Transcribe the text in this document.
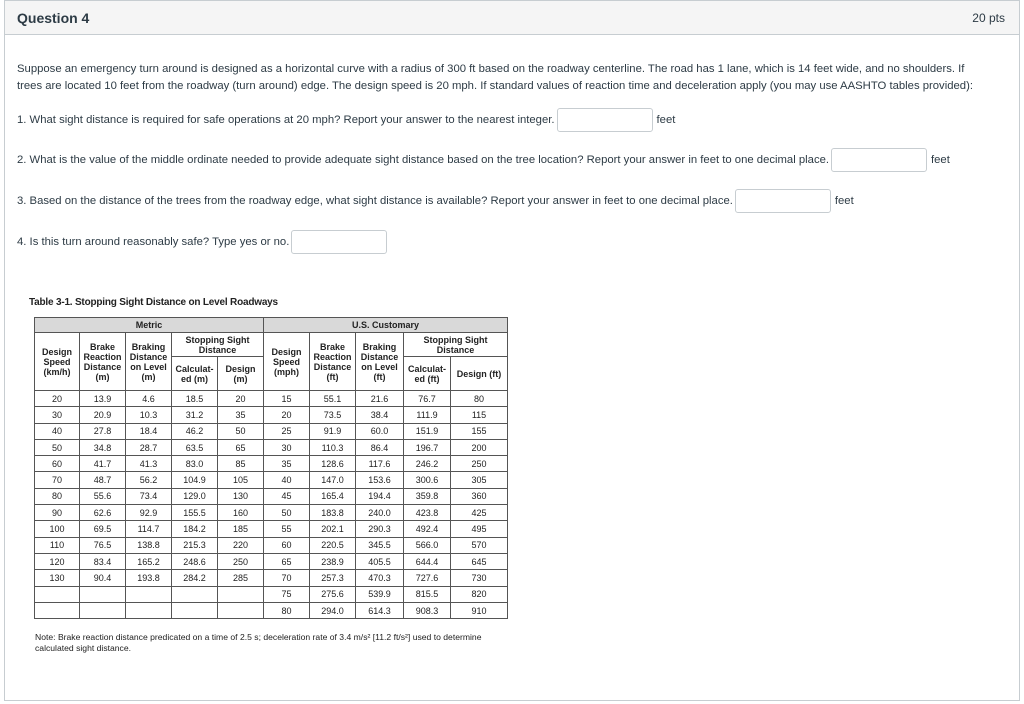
Question 4	20 pts

Suppose an emergency turn around is designed as a horizontal curve with a radius of 300 ft based on the roadway centerline. The road has 1 lane, which is 14 feet wide, and no shoulders. If trees are located 10 feet from the roadway (turn around) edge. The design speed is 20 mph. If standard values of reaction time and deceleration apply (you may use AASHTO tables provided):

1. What sight distance is required for safe operations at 20 mph? Report your answer to the nearest integer.	feet
2. What is the value of the middle ordinate needed to provide adequate sight distance based on the tree location? Report your answer in feet to one decimal place.	feet
3. Based on the distance of the trees from the roadway edge, what sight distance is available? Report your answer in feet to one decimal place.	feet
4. Is this turn around reasonably safe? Type yes or no.
Table 3-1. Stopping Sight Distance on Level Roadways
Metric					U.S. Customary				
Design Speed (km/h)	Brake Reaction Distance (m)	Braking Distance on Level (m)	Stopping Sight Distance		Design Speed (mph)	Brake Reaction Distance (ft)	Braking Distance on Level (ft)	Stopping Sight Distance	
			Calculat-ed (m)	Design (m)				Calculat-ed (ft)	Design (ft)
20	13.9	4.6	18.5	20	15	55.1	21.6	76.7	80
30	20.9	10.3	31.2	35	20	73.5	38.4	111.9	115
40	27.8	18.4	46.2	50	25	91.9	60.0	151.9	155
50	34.8	28.7	63.5	65	30	110.3	86.4	196.7	200
60	41.7	41.3	83.0	85	35	128.6	117.6	246.2	250
70	48.7	56.2	104.9	105	40	147.0	153.6	300.6	305
80	55.6	73.4	129.0	130	45	165.4	194.4	359.8	360
90	62.6	92.9	155.5	160	50	183.8	240.0	423.8	425
100	69.5	114.7	184.2	185	55	202.1	290.3	492.4	495
110	76.5	138.8	215.3	220	60	220.5	345.5	566.0	570
120	83.4	165.2	248.6	250	65	238.9	405.5	644.4	645
130	90.4	193.8	284.2	285	70	257.3	470.3	727.6	730
					75	275.6	539.9	815.5	820
					80	294.0	614.3	908.3	910
Note: Brake reaction distance predicated on a time of 2.5 s; deceleration rate of 3.4 m/s² [11.2 ft/s²] used to determine calculated sight distance.
